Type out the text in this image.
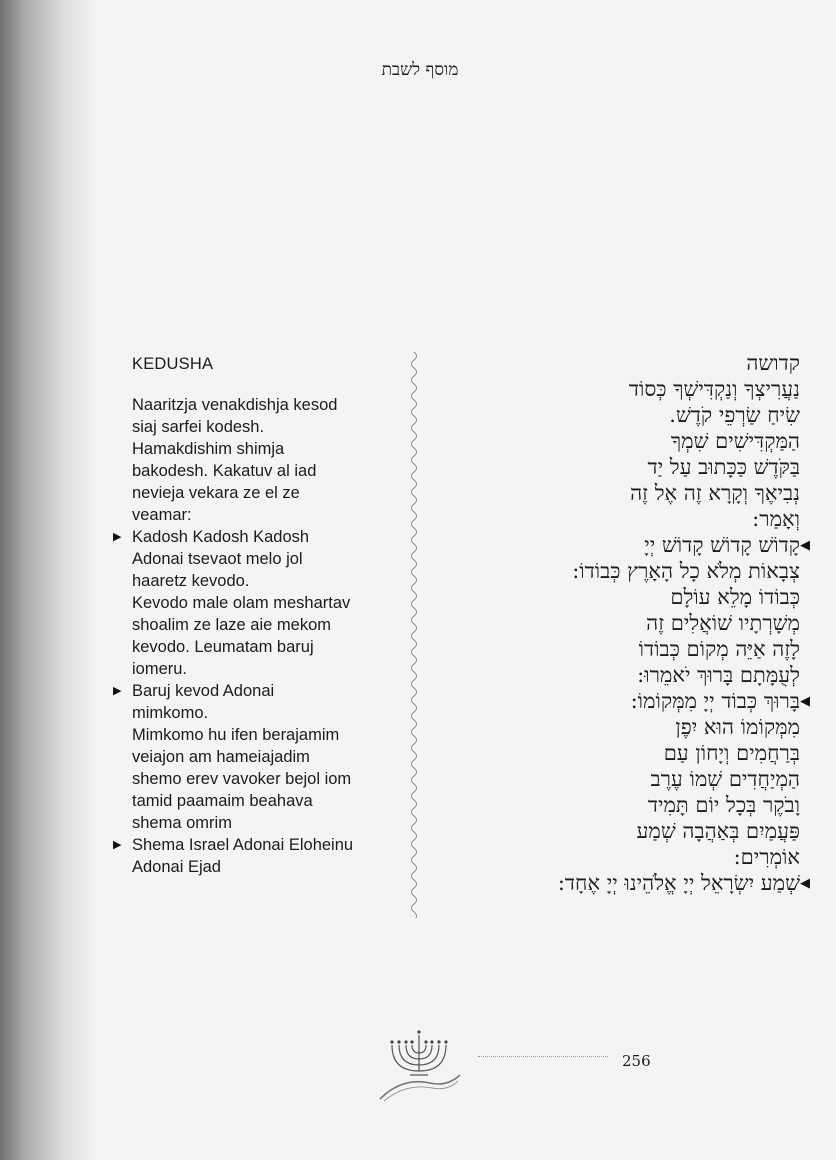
מוסף לשבת
KEDUSHA
Naaritzja venakdishja kesod
siaj sarfei kodesh.
Hamakdishim shimja
bakodesh. Kakatuv al iad
nevieja vekara ze el ze
veamar:
▶ Kadosh Kadosh Kadosh
Adonai tsevaot melo jol
haaretz kevodo.
Kevodo male olam meshartav
shoalim ze laze aie mekom
kevodo. Leumatam baruj
iomeru.
▶ Baruj kevod Adonai
mimkomo.
Mimkomo hu ifen berajamim
veiajon am hameiajadim
shemo erev vavoker bejol iom
tamid paamaim beahava
shema omrim
▶ Shema Israel Adonai Eloheinu
Adonai Ejad
קדושה
נַעֲרִיצְךָ וְנַקְדִּישְׁךָ כְּסוֹד
שִׂיחַ שַׂרְפֵי קֹדֶשׁ.
הַמַּקְדִּישִׁים שִׁמְךָ
בַּקֹּדֶשׁ כַּכָּתוּב עַל יַד
נְבִיאֶךָ וְקָרָא זֶה אֶל זֶה
וְאָמַר:
קָדוֹשׁ קָדוֹשׁ קָדוֹשׁ יְיָ
צְבָאוֹת מְלֹא כָל הָאָרֶץ כְּבוֹדוֹ:
כְּבוֹדוֹ מָלֵא עוֹלָם
מְשָׁרְתָיו שׁוֹאֲלִים זֶה
לָזֶה אַיֵּה מְקוֹם כְּבוֹדוֹ
לְעֻמָּתָם בָּרוּךְ יֹאמֵרוּ:
בָּרוּךְ כְּבוֹד יְיָ מִמְּקוֹמוֹ:
מִמְּקוֹמוֹ הוּא יִפֶן
בְּרַחֲמִים וְיָחוֹן עַם
הַמְיַחֲדִים שְׁמוֹ עֶרֶב
וָבֹקֶר בְּכָל יוֹם תָּמִיד
פַּעֲמַיִם בְּאַהֲבָה שְׁמַע
אוֹמְרִים:
שְׁמַע יִשְׂרָאֵל יְיָ אֱלֹהֵינוּ יְיָ אֶחָד:
256
◀
◀
◀
